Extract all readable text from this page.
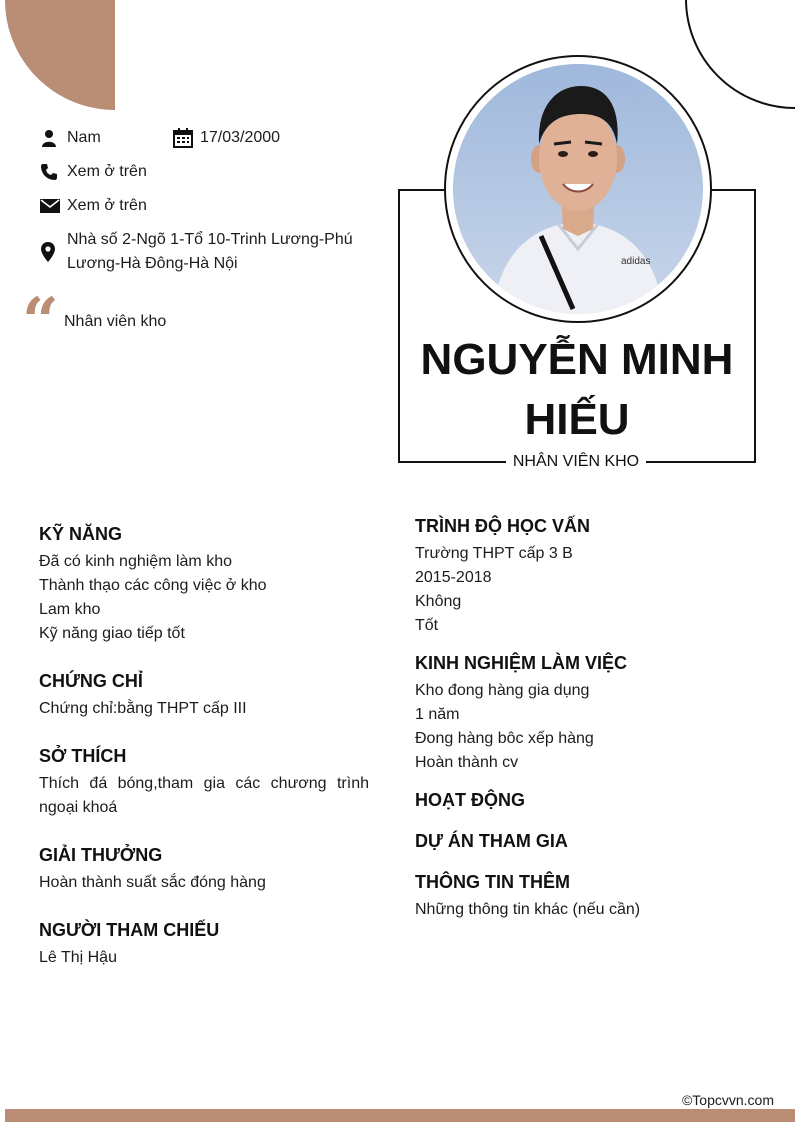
Nam	17/03/2000
Xem ở trên
Xem ở trên
Nhà số 2-Ngõ 1-Tổ 10-Trinh Lương-Phú
Lương-Hà Đông-Hà Nội
“ Nhân viên kho
adidas
NGUYỄN MINH
HIẾU
NHÂN VIÊN KHO
KỸ NĂNG
Đã có kinh nghiệm làm kho
Thành thạo các công việc ở kho
Lam kho
Kỹ năng giao tiếp tốt
CHỨNG CHỈ
Chứng chỉ:bằng THPT cấp III
SỞ THÍCH
Thích đá bóng,tham gia các chương trình ngoại khoá
GIẢI THƯỞNG
Hoàn thành suất sắc đóng hàng
NGƯỜI THAM CHIẾU
Lê Thị Hậu
TRÌNH ĐỘ HỌC VẤN
Trường THPT cấp 3 B
2015-2018
Không
Tốt
KINH NGHIỆM LÀM VIỆC
Kho đong hàng gia dụng
1 năm
Đong hàng bôc xếp hàng
Hoàn thành cv
HOẠT ĐỘNG
DỰ ÁN THAM GIA
THÔNG TIN THÊM
Những thông tin khác (nếu cần)
©Topcvvn.com
